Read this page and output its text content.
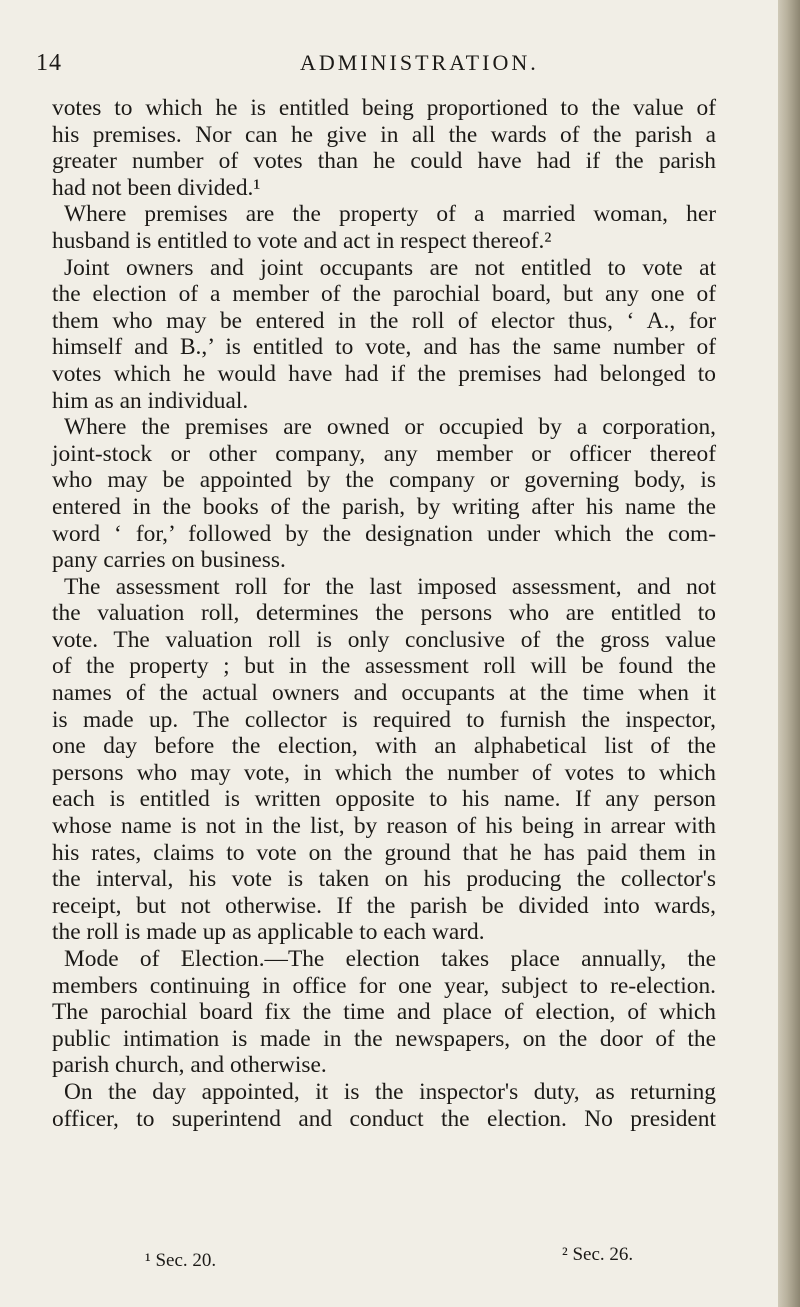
14	ADMINISTRATION.
votes to which he is entitled being proportioned to the value of
his premises. Nor can he give in all the wards of the parish a
greater number of votes than he could have had if the parish
had not been divided.¹
Where premises are the property of a married woman, her
husband is entitled to vote and act in respect thereof.²
Joint owners and joint occupants are not entitled to vote at
the election of a member of the parochial board, but any one of
them who may be entered in the roll of elector thus, ‘ A., for
himself and B.,’ is entitled to vote, and has the same number of
votes which he would have had if the premises had belonged to
him as an individual.
Where the premises are owned or occupied by a corporation,
joint-stock or other company, any member or officer thereof
who may be appointed by the company or governing body, is
entered in the books of the parish, by writing after his name the
word ‘ for,’ followed by the designation under which the com-
pany carries on business.
The assessment roll for the last imposed assessment, and not
the valuation roll, determines the persons who are entitled to
vote. The valuation roll is only conclusive of the gross value
of the property ; but in the assessment roll will be found the
names of the actual owners and occupants at the time when it
is made up. The collector is required to furnish the inspector,
one day before the election, with an alphabetical list of the
persons who may vote, in which the number of votes to which
each is entitled is written opposite to his name. If any person
whose name is not in the list, by reason of his being in arrear with
his rates, claims to vote on the ground that he has paid them in
the interval, his vote is taken on his producing the collector's
receipt, but not otherwise. If the parish be divided into wards,
the roll is made up as applicable to each ward.
Mode of Election.—The election takes place annually, the
members continuing in office for one year, subject to re-election.
The parochial board fix the time and place of election, of which
public intimation is made in the newspapers, on the door of the
parish church, and otherwise.
On the day appointed, it is the inspector's duty, as returning
officer, to superintend and conduct the election. No president
¹ Sec. 20.	² Sec. 26.
